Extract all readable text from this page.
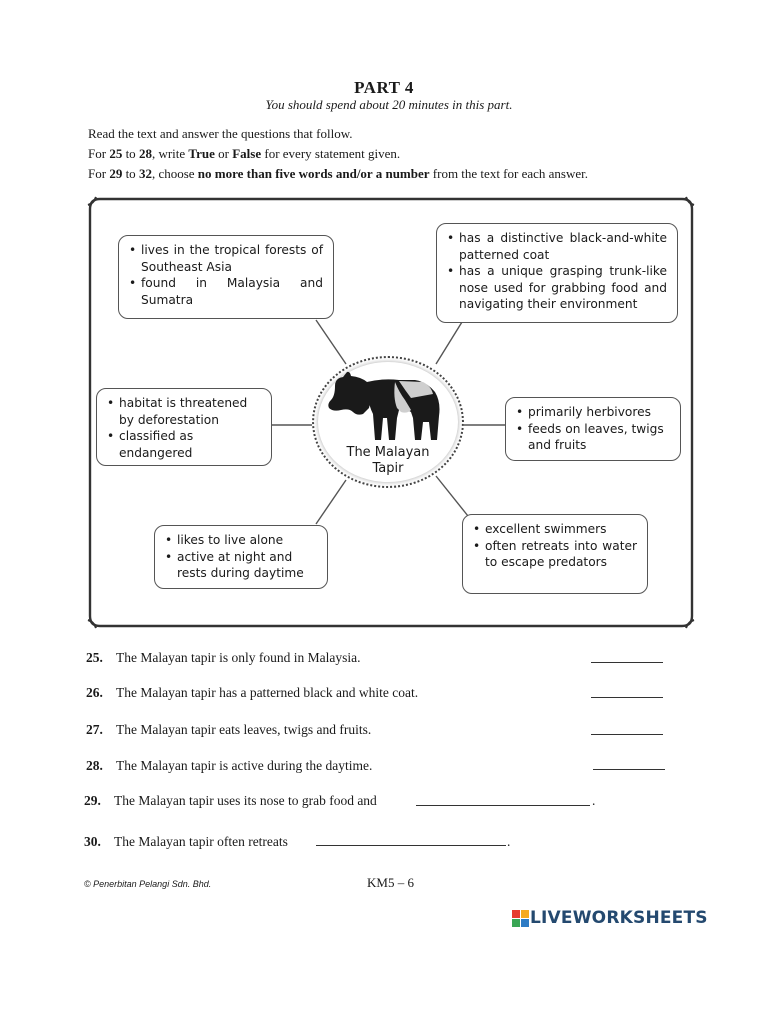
PART 4
You should spend about 20 minutes in this part.
Read the text and answer the questions that follow.
For 25 to 28, write True or False for every statement given.
For 29 to 32, choose no more than five words and/or a number from the text for each answer.
• lives in the tropical forests of Southeast Asia
• found in Malaysia and Sumatra
• has a distinctive black-and-white patterned coat
• has a unique grasping trunk-like nose used for grabbing food and navigating their environment
• habitat is threatened by deforestation
• classified as endangered
• primarily herbivores
• feeds on leaves, twigs and fruits
• likes to live alone
• active at night and rests during daytime
• excellent swimmers
• often retreats into water to escape predators
The Malayan
Tapir
25. The Malayan tapir is only found in Malaysia.
26. The Malayan tapir has a patterned black and white coat.
27. The Malayan tapir eats leaves, twigs and fruits.
28. The Malayan tapir is active during the daytime.
29. The Malayan tapir uses its nose to grab food and	.
30. The Malayan tapir often retreats	.
© Penerbitan Pelangi Sdn. Bhd.	KM5 – 6
LIVEWORKSHEETS
